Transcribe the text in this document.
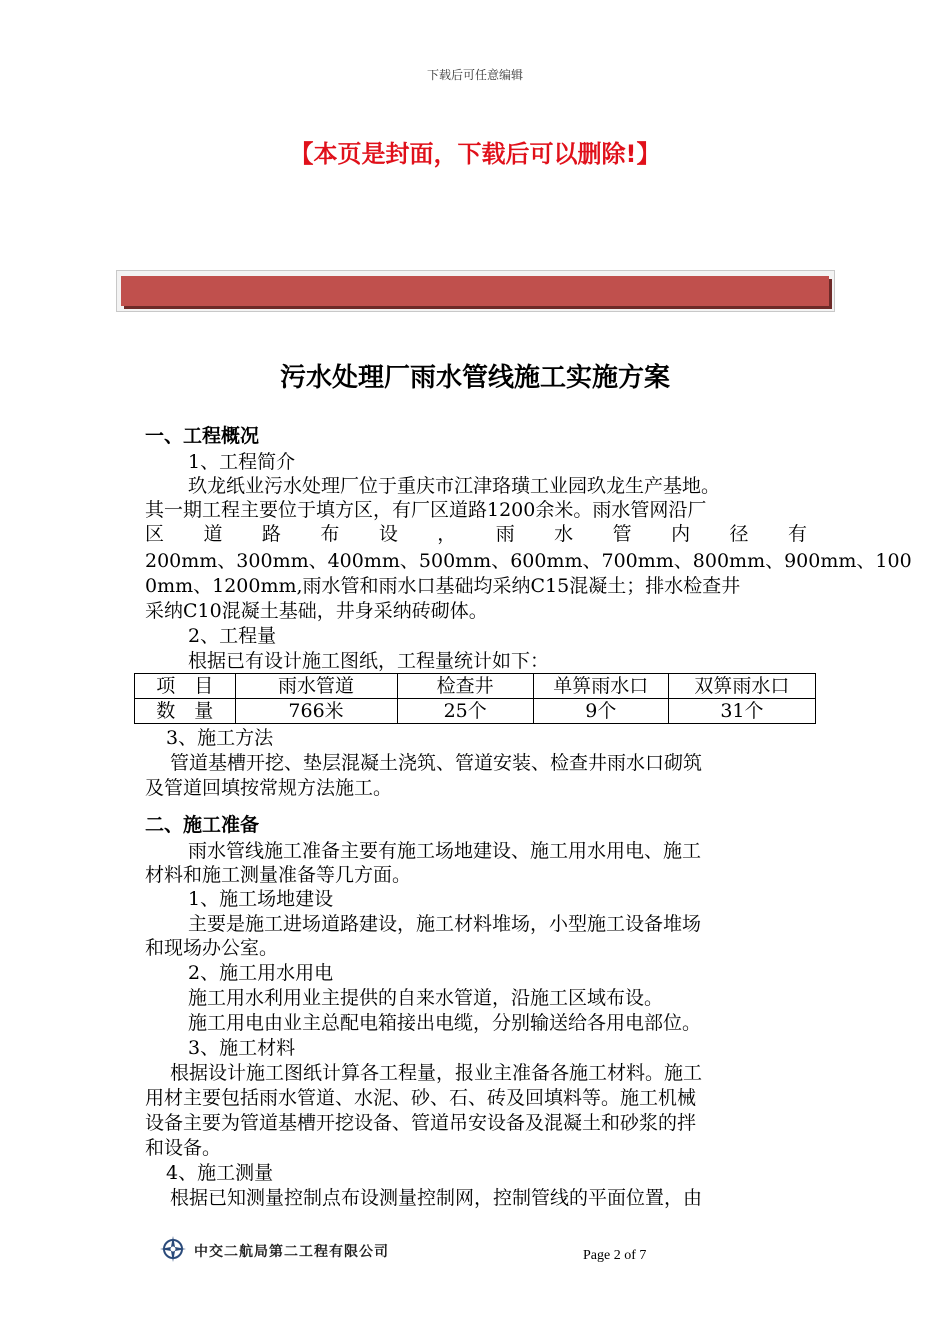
下载后可任意编辑
【本页是封面，下载后可以删除!】
污水处理厂雨水管线施工实施方案
一、工程概况
1、工程简介
玖龙纸业污水处理厂位于重庆市江津珞璜工业园玖龙生产基地。
其一期工程主要位于填方区，有厂区道路1200余米。雨水管网沿厂
区 道 路 布 设 ， 雨 水 管 内 径 有
200mm、300mm、400mm、500mm、600mm、700mm、800mm、900mm、100
0mm、1200mm,雨水管和雨水口基础均采纳C15混凝土；排水检查井
采纳C10混凝土基础，井身采纳砖砌体。
2、工程量
根据已有设计施工图纸，工程量统计如下：
项　目	雨水管道	检查井	单箅雨水口	双箅雨水口
数　量	766米	25个	9个	31个
3、施工方法
管道基槽开挖、垫层混凝土浇筑、管道安装、检查井雨水口砌筑
及管道回填按常规方法施工。
二、施工准备
雨水管线施工准备主要有施工场地建设、施工用水用电、施工
材料和施工测量准备等几方面。
1、施工场地建设
主要是施工进场道路建设，施工材料堆场，小型施工设备堆场
和现场办公室。
2、施工用水用电
施工用水利用业主提供的自来水管道，沿施工区域布设。
施工用电由业主总配电箱接出电缆，分别输送给各用电部位。
3、施工材料
根据设计施工图纸计算各工程量，报业主准备各施工材料。施工
用材主要包括雨水管道、水泥、砂、石、砖及回填料等。施工机械
设备主要为管道基槽开挖设备、管道吊安设备及混凝土和砂浆的拌
和设备。
4、施工测量
根据已知测量控制点布设测量控制网，控制管线的平面位置，由
中交二航局第二工程有限公司	Page 2 of 7
